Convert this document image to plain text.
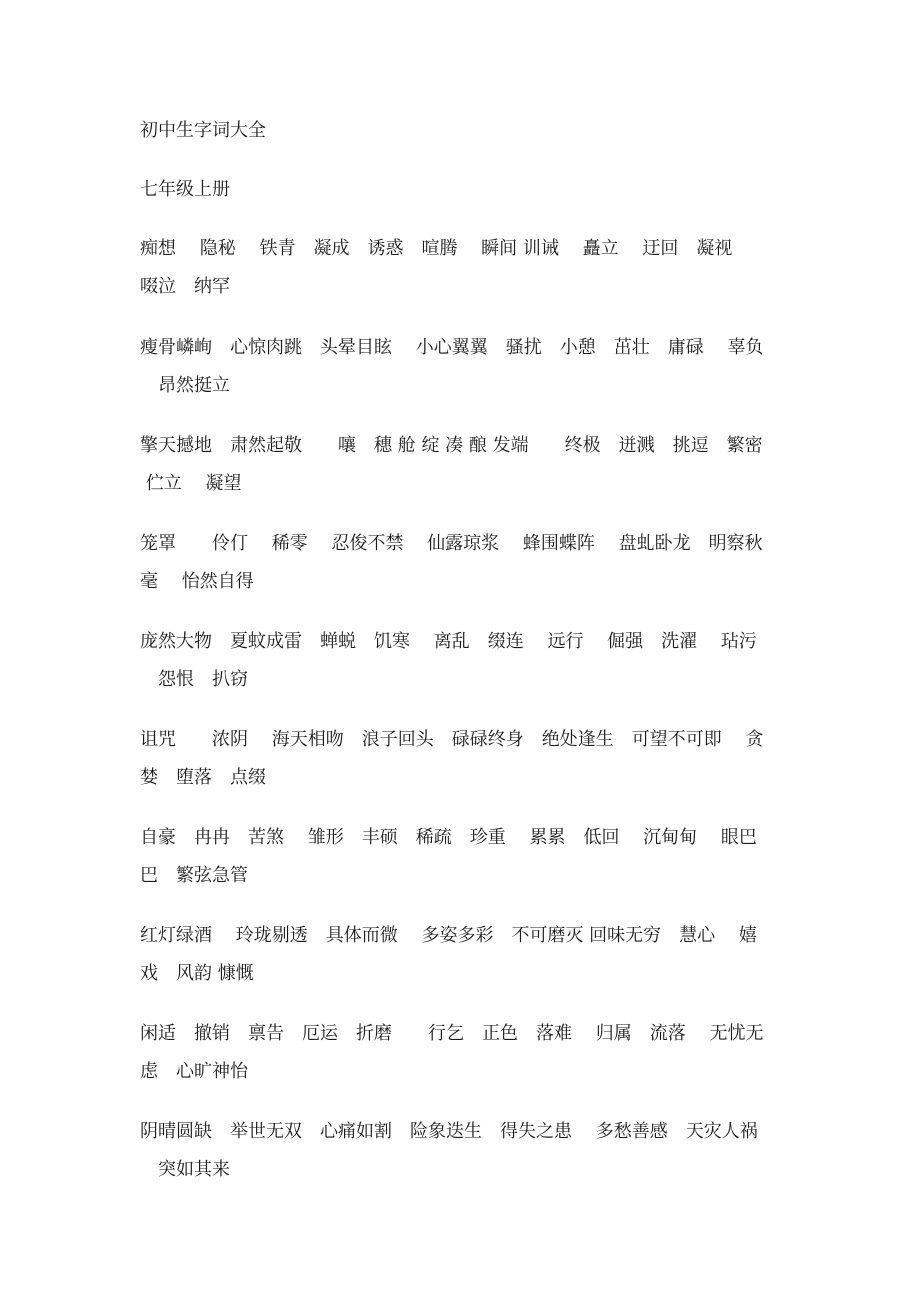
初中生字词大全
七年级上册
痴想　 隐秘　 铁青　凝成　诱惑　喧腾　 瞬间 训诫　 矗立　 迂回　凝视
啜泣　纳罕
瘦骨嶙峋　心惊肉跳　头晕目眩　 小心翼翼　骚扰　小憩　茁壮　庸碌　 辜负
　昂然挺立
擎天撼地　肃然起敬　　嚷　穗 舱 绽 凑 酿 发端　　终极　迸溅　挑逗　繁密
伫立　 凝望
笼罩　　伶仃　 稀零　 忍俊不禁　 仙露琼浆　 蜂围蝶阵　 盘虬卧龙　明察秋
毫　 怡然自得
庞然大物　夏蚊成雷　蝉蜕　饥寒　 离乱　缀连　 远行　 倔强　洗濯　 玷污
　怨恨　扒窃
诅咒　　浓阴　 海天相吻　浪子回头　碌碌终身　绝处逢生　可望不可即　 贪
婪　堕落　点缀
自豪　冉冉　苦煞　 雏形　丰硕　稀疏　珍重　 累累　低回　 沉甸甸　 眼巴
巴　繁弦急管
红灯绿酒　 玲珑剔透　具体而微　 多姿多彩　不可磨灭 回味无穷　慧心　 嬉
戏　风韵 慷慨
闲适　撤销　禀告　厄运　折磨　　行乞　正色　落难　 归属　流落　 无忧无
虑　心旷神怡
阴晴圆缺　举世无双　心痛如割　险象迭生　得失之患　 多愁善感　天灾人祸
　突如其来
